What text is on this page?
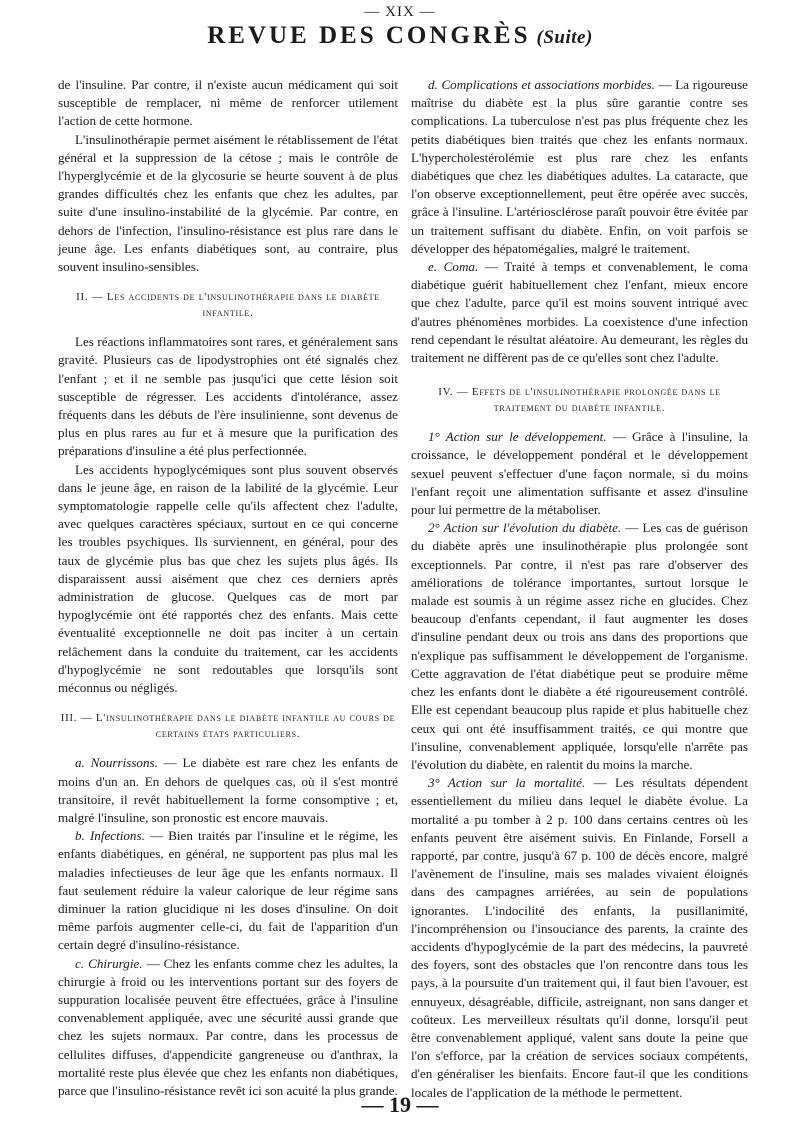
— XIX —
REVUE DES CONGRÈS (Suite)

de l'insuline. Par contre, il n'existe aucun médicament qui soit susceptible de remplacer, ni même de renforcer utilement l'action de cette hormone.

L'insulinothérapie permet aisément le rétablissement de l'état général et la suppression de la cétose ; mais le contrôle de l'hyperglycémie et de la glycosurie se heurte souvent à de plus grandes difficultés chez les enfants que chez les adultes, par suite d'une insulino-instabilité de la glycémie. Par contre, en dehors de l'infection, l'insulino-résistance est plus rare dans le jeune âge. Les enfants diabétiques sont, au contraire, plus souvent insulino-sensibles.

II. — Les accidents de l'insulinothérapie dans le diabète infantile.

Les réactions inflammatoires sont rares, et généralement sans gravité. Plusieurs cas de lipodystrophies ont été signalés chez l'enfant ; et il ne semble pas jusqu'ici que cette lésion soit susceptible de régresser. Les accidents d'intolérance, assez fréquents dans les débuts de l'ère insulinienne, sont devenus de plus en plus rares au fur et à mesure que la purification des préparations d'insuline a été plus perfectionnée.

Les accidents hypoglycémiques sont plus souvent observés dans le jeune âge, en raison de la labilité de la glycémie. Leur symptomatologie rappelle celle qu'ils affectent chez l'adulte, avec quelques caractères spéciaux, surtout en ce qui concerne les troubles psychiques. Ils surviennent, en général, pour des taux de glycémie plus bas que chez les sujets plus âgés. Ils disparaissent aussi aisément que chez ces derniers après administration de glucose. Quelques cas de mort par hypoglycémie ont été rapportés chez des enfants. Mais cette éventualité exceptionnelle ne doit pas inciter à un certain relâchement dans la conduite du traitement, car les accidents d'hypoglycémie ne sont redoutables que lorsqu'ils sont méconnus ou négligés.

III. — L'insulinothérapie dans le diabète infantile au cours de certains états particuliers.

a. Nourrissons. — Le diabète est rare chez les enfants de moins d'un an. En dehors de quelques cas, où il s'est montré transitoire, il revêt habituellement la forme consomptive ; et, malgré l'insuline, son pronostic est encore mauvais.

b. Infections. — Bien traités par l'insuline et le régime, les enfants diabétiques, en général, ne supportent pas plus mal les maladies infectieuses de leur âge que les enfants normaux. Il faut seulement réduire la valeur calorique de leur régime sans diminuer la ration glucidique ni les doses d'insuline. On doit même parfois augmenter celle-ci, du fait de l'apparition d'un certain degré d'insulino-résistance.

c. Chirurgie. — Chez les enfants comme chez les adultes, la chirurgie à froid ou les interventions portant sur des foyers de suppuration localisée peuvent être effectuées, grâce à l'insuline convenablement appliquée, avec une sécurité aussi grande que chez les sujets normaux. Par contre, dans les processus de cellulites diffuses, d'appendicite gangreneuse ou d'anthrax, la mortalité reste plus élevée que chez les enfants non diabétiques, parce que l'insulino-résistance revêt ici son acuité la plus grande.

d. Complications et associations morbides. — La rigoureuse maîtrise du diabète est la plus sûre garantie contre ses complications. La tuberculose n'est pas plus fréquente chez les petits diabétiques bien traités que chez les enfants normaux. L'hypercholestérolémie est plus rare chez les enfants diabétiques que chez les diabétiques adultes. La cataracte, que l'on observe exceptionnellement, peut être opérée avec succès, grâce à l'insuline. L'artériosclérose paraît pouvoir être évitée par un traitement suffisant du diabète. Enfin, on voit parfois se développer des hépatomégalies, malgré le traitement.

e. Coma. — Traité à temps et convenablement, le coma diabétique guérit habituellement chez l'enfant, mieux encore que chez l'adulte, parce qu'il est moins souvent intriqué avec d'autres phénomènes morbides. La coexistence d'une infection rend cependant le résultat aléatoire. Au demeurant, les règles du traitement ne diffèrent pas de ce qu'elles sont chez l'adulte.

IV. — Effets de l'insulinothérapie prolongée dans le traitement du diabète infantile.

1° Action sur le développement. — Grâce à l'insuline, la croissance, le développement pondéral et le développement sexuel peuvent s'effectuer d'une façon normale, si du moins l'enfant reçoit une alimentation suffisante et assez d'insuline pour lui permettre de la métaboliser.

2° Action sur l'évolution du diabète. — Les cas de guérison du diabète après une insulinothérapie plus prolongée sont exceptionnels. Par contre, il n'est pas rare d'observer des améliorations de tolérance importantes, surtout lorsque le malade est soumis à un régime assez riche en glucides. Chez beaucoup d'enfants cependant, il faut augmenter les doses d'insuline pendant deux ou trois ans dans des proportions que n'explique pas suffisamment le développement de l'organisme. Cette aggravation de l'état diabétique peut se produire même chez les enfants dont le diabète a été rigoureusement contrôlé. Elle est cependant beaucoup plus rapide et plus habituelle chez ceux qui ont été insuffisamment traités, ce qui montre que l'insuline, convenablement appliquée, lorsqu'elle n'arrête pas l'évolution du diabète, en ralentit du moins la marche.

3° Action sur la mortalité. — Les résultats dépendent essentiellement du milieu dans lequel le diabète évolue. La mortalité a pu tomber à 2 p. 100 dans certains centres où les enfants peuvent être aisément suivis. En Finlande, Forsell a rapporté, par contre, jusqu'à 67 p. 100 de décès encore, malgré l'avènement de l'insuline, mais ses malades vivaient éloignés dans des campagnes arriérées, au sein de populations ignorantes. L'indocilité des enfants, la pusillanimité, l'incompréhension ou l'insouciance des parents, la crainte des accidents d'hypoglycémie de la part des médecins, la pauvreté des foyers, sont des obstacles que l'on rencontre dans tous les pays, à la poursuite d'un traitement qui, il faut bien l'avouer, est ennuyeux, désagréable, difficile, astreignant, non sans danger et coûteux. Les merveilleux résultats qu'il donne, lorsqu'il peut être convenablement appliqué, valent sans doute la peine que l'on s'efforce, par la création de services sociaux compétents, d'en généraliser les bienfaits. Encore faut-il que les conditions locales de l'application de la méthode le permettent.

— 19 —
